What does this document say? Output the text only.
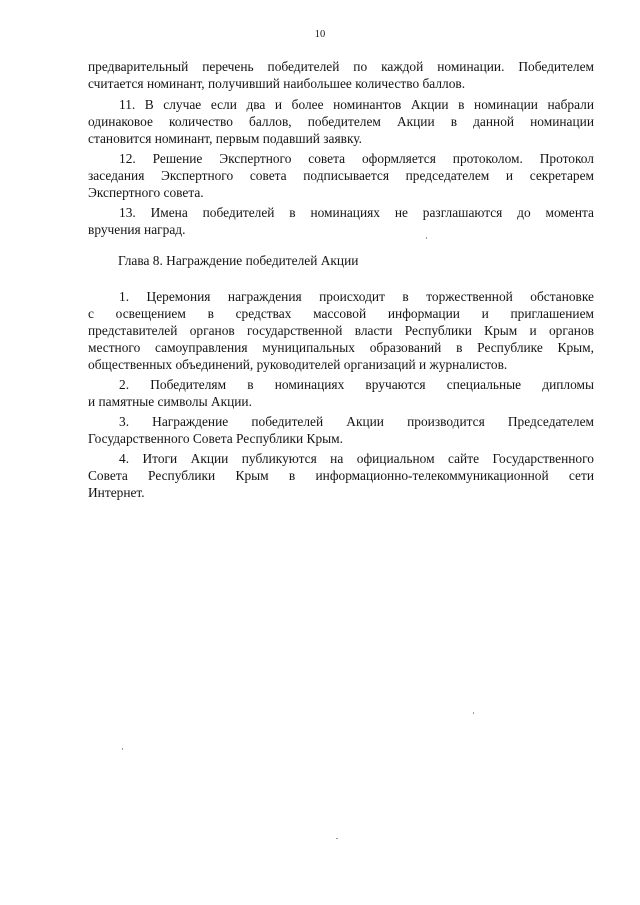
10
предварительный перечень победителей по каждой номинации. Победителем
считается номинант, получивший наибольшее количество баллов.
11. В случае если два и более номинантов Акции в номинации набрали
одинаковое количество баллов, победителем Акции в данной номинации
становится номинант, первым подавший заявку.
12. Решение Экспертного совета оформляется протоколом. Протокол
заседания Экспертного совета подписывается председателем и секретарем
Экспертного совета.
13. Имена победителей в номинациях не разглашаются до момента
вручения наград.
Глава 8. Награждение победителей Акции
1. Церемония награждения происходит в торжественной обстановке
с освещением в средствах массовой информации и приглашением
представителей органов государственной власти Республики Крым и органов
местного самоуправления муниципальных образований в Республике Крым,
общественных объединений, руководителей организаций и журналистов.
2. Победителям в номинациях вручаются специальные дипломы
и памятные символы Акции.
3. Награждение победителей Акции производится Председателем
Государственного Совета Республики Крым.
4. Итоги Акции публикуются на официальном сайте Государственного
Совета Республики Крым в информационно-телекоммуникационной сети
Интернет.
